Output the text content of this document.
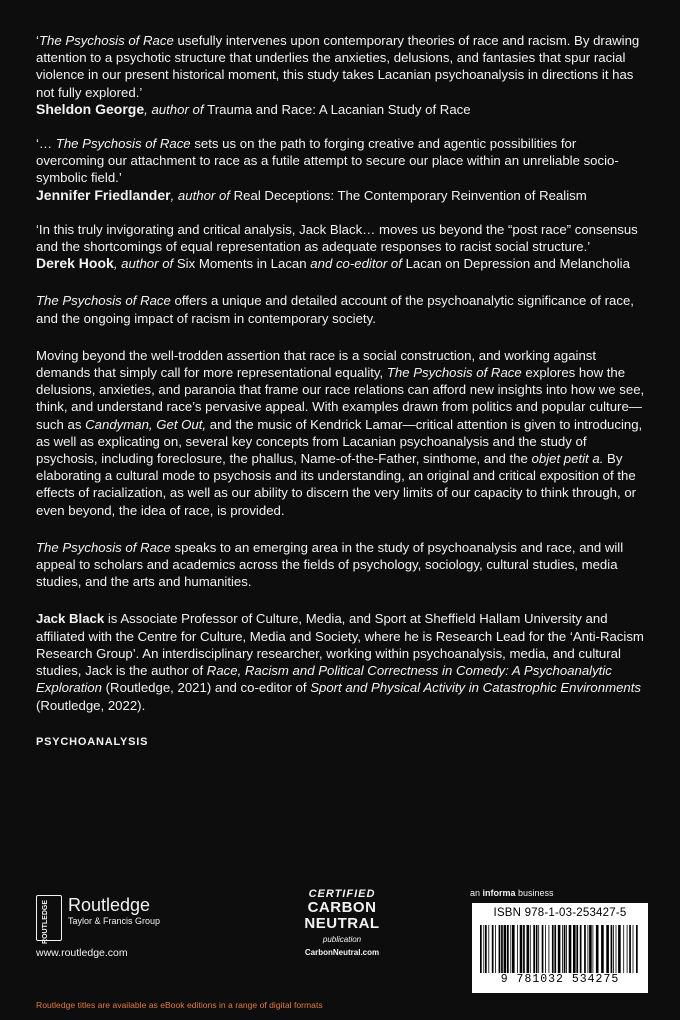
‘The Psychosis of Race usefully intervenes upon contemporary theories of race and racism. By drawing attention to a psychotic structure that underlies the anxieties, delusions, and fantasies that spur racial violence in our present historical moment, this study takes Lacanian psychoanalysis in directions it has not fully explored.’

Sheldon George, author of Trauma and Race: A Lacanian Study of Race

‘… The Psychosis of Race sets us on the path to forging creative and agentic possibilities for overcoming our attachment to race as a futile attempt to secure our place within an unreliable socio-symbolic field.’

Jennifer Friedlander, author of Real Deceptions: The Contemporary Reinvention of Realism

‘In this truly invigorating and critical analysis, Jack Black… moves us beyond the “post race” consensus and the shortcomings of equal representation as adequate responses to racist social structure.’

Derek Hook, author of Six Moments in Lacan and co-editor of Lacan on Depression and Melancholia

The Psychosis of Race offers a unique and detailed account of the psychoanalytic significance of race, and the ongoing impact of racism in contemporary society.

Moving beyond the well-trodden assertion that race is a social construction, and working against demands that simply call for more representational equality, The Psychosis of Race explores how the delusions, anxieties, and paranoia that frame our race relations can afford new insights into how we see, think, and understand race’s pervasive appeal. With examples drawn from politics and popular culture—such as Candyman, Get Out, and the music of Kendrick Lamar—critical attention is given to introducing, as well as explicating on, several key concepts from Lacanian psychoanalysis and the study of psychosis, including foreclosure, the phallus, Name-of-the-Father, sinthome, and the objet petit a. By elaborating a cultural mode to psychosis and its understanding, an original and critical exposition of the effects of racialization, as well as our ability to discern the very limits of our capacity to think through, or even beyond, the idea of race, is provided.

The Psychosis of Race speaks to an emerging area in the study of psychoanalysis and race, and will appeal to scholars and academics across the fields of psychology, sociology, cultural studies, media studies, and the arts and humanities.

Jack Black is Associate Professor of Culture, Media, and Sport at Sheffield Hallam University and affiliated with the Centre for Culture, Media and Society, where he is Research Lead for the ‘Anti-Racism Research Group’. An interdisciplinary researcher, working within psychoanalysis, media, and cultural studies, Jack is the author of Race, Racism and Political Correctness in Comedy: A Psychoanalytic Exploration (Routledge, 2021) and co-editor of Sport and Physical Activity in Catastrophic Environments (Routledge, 2022).

PSYCHOANALYSIS

ROUTLEDGE Routledge
Taylor & Francis Group
www.routledge.com
CERTIFIED
CARBON
NEUTRAL
publication
CarbonNeutral.com
an informa business
ISBN 978-1-03-253427-5
9 781032 534275
Routledge titles are available as eBook editions in a range of digital formats
